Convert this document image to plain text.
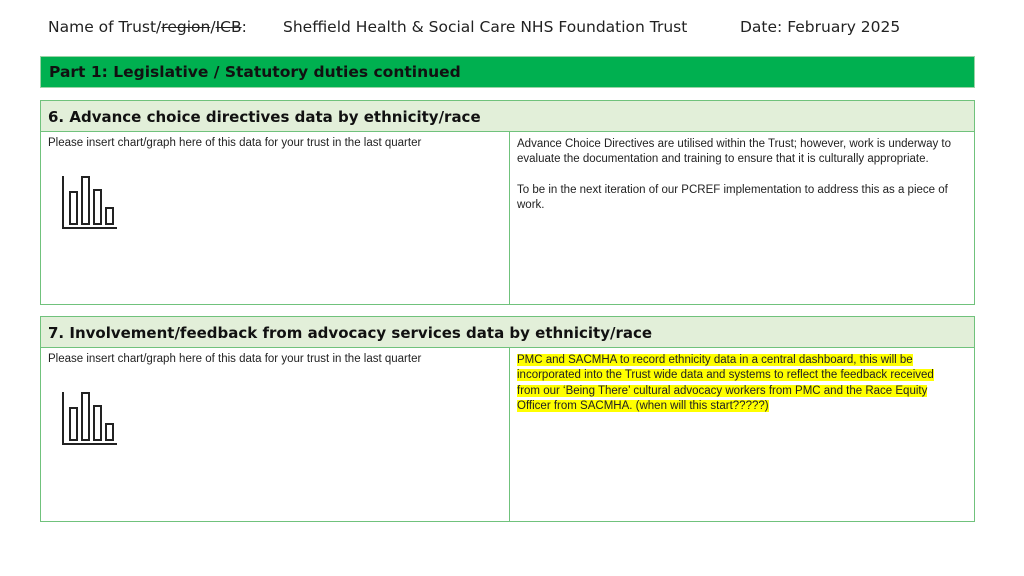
Name of Trust/region/ICB: Sheffield Health & Social Care NHS Foundation Trust	Date: February 2025
Part 1: Legislative / Statutory duties continued
6. Advance choice directives data by ethnicity/race
Please insert chart/graph here of this data for your trust in the last quarter	Advance Choice Directives are utilised within the Trust; however, work is underway to evaluate the documentation and training to ensure that it is culturally appropriate.

To be in the next iteration of our PCREF implementation to address this as a piece of work.

7. Involvement/feedback from advocacy services data by ethnicity/race
Please insert chart/graph here of this data for your trust in the last quarter	PMC and SACMHA to record ethnicity data in a central dashboard, this will be incorporated into the Trust wide data and systems to reflect the feedback received from our ‘Being There’ cultural advocacy workers from PMC and the Race Equity Officer from SACMHA. (when will this start?????)
